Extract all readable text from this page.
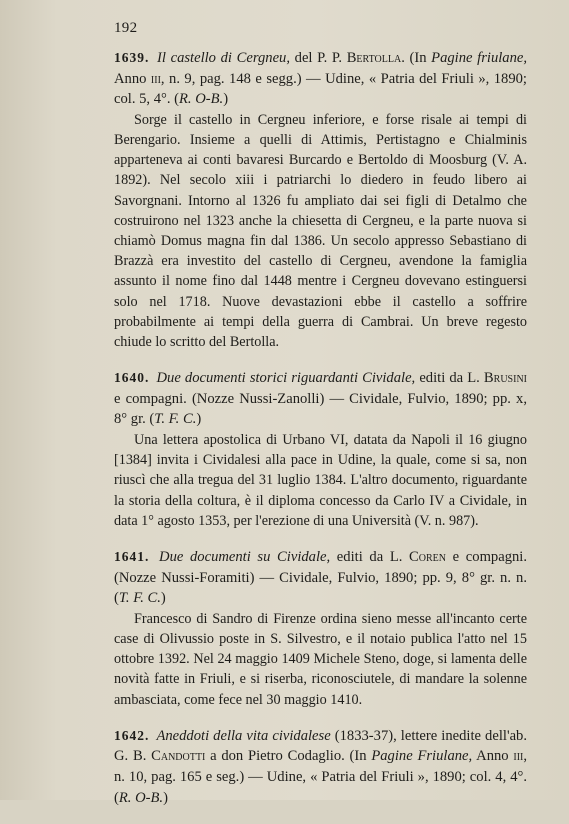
192
1639. Il castello di Cergneu, del P. P. Bertolla. (In Pagine friulane, Anno iii, n. 9, pag. 148 e segg.) — Udine, « Patria del Friuli », 1890; col. 5, 4°. (R. O-B.)

Sorge il castello in Cergneu inferiore, e forse risale ai tempi di Berengario. Insieme a quelli di Attimis, Pertistagno e Chialminis apparteneva ai conti bavaresi Burcardo e Bertoldo di Moosburg (V. A. 1892). Nel secolo xiii i patriarchi lo diedero in feudo libero ai Savorgnani. Intorno al 1326 fu ampliato dai sei figli di Detalmo che costruirono nel 1323 anche la chiesetta di Cergneu, e la parte nuova si chiamò Domus magna fin dal 1386. Un secolo appresso Sebastiano di Brazzà era investito del castello di Cergneu, avendone la famiglia assunto il nome fino dal 1448 mentre i Cergneu dovevano estinguersi solo nel 1718. Nuove devastazioni ebbe il castello a soffrire probabilmente ai tempi della guerra di Cambrai. Un breve regesto chiude lo scritto del Bertolla.

1640. Due documenti storici riguardanti Cividale, editi da L. Brusini e compagni. (Nozze Nussi-Zanolli) — Cividale, Fulvio, 1890; pp. x, 8° gr. (T. F. C.)

Una lettera apostolica di Urbano VI, datata da Napoli il 16 giugno [1384] invita i Cividalesi alla pace in Udine, la quale, come si sa, non riuscì che alla tregua del 31 luglio 1384. L'altro documento, riguardante la storia della coltura, è il diploma concesso da Carlo IV a Cividale, in data 1° agosto 1353, per l'erezione di una Università (V. n. 987).

1641. Due documenti su Cividale, editi da L. Coren e compagni. (Nozze Nussi-Foramiti) — Cividale, Fulvio, 1890; pp. 9, 8° gr. n. n. (T. F. C.)

Francesco di Sandro di Firenze ordina sieno messe all'incanto certe case di Olivussio poste in S. Silvestro, e il notaio publica l'atto nel 15 ottobre 1392. Nel 24 maggio 1409 Michele Steno, doge, si lamenta delle novità fatte in Friuli, e si riserba, riconosciutele, di mandare la solenne ambasciata, come fece nel 30 maggio 1410.

1642. Aneddoti della vita cividalese (1833-37), lettere inedite dell'ab. G. B. Candotti a don Pietro Codaglio. (In Pagine Friulane, Anno iii, n. 10, pag. 165 e seg.) — Udine, « Patria del Friuli », 1890; col. 4, 4°. (R. O-B.)
